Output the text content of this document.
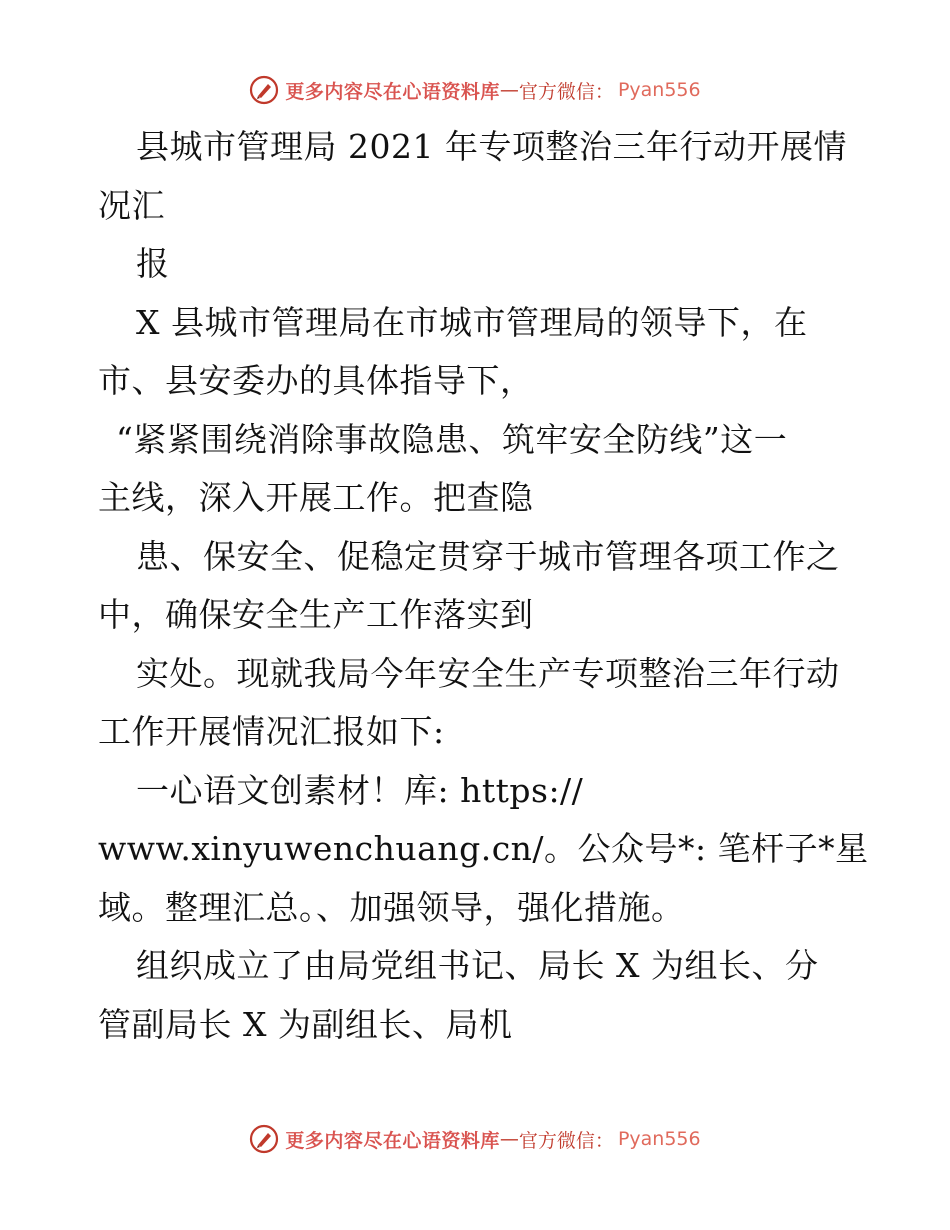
更多内容尽在心语资料库 — 官方微信： Pyan556
县城市管理局 2021 年专项整治三年行动开展情
况汇
报
X 县城市管理局在市城市管理局的领导下，在
市、县安委办的具体指导下，
“紧紧围绕消除事故隐患、筑牢安全防线”这一
主线，深入开展工作。把查隐
患、保安全、促稳定贯穿于城市管理各项工作之
中，确保安全生产工作落实到
实处。现就我局今年安全生产专项整治三年行动
工作开展情况汇报如下:
一心语文创素材！库: https://
www.xinyuwenchuang.cn/。公众号*: 笔杆子*星
域。整理汇总。、加强领导，强化措施。
组织成立了由局党组书记、局长 X 为组长、分
管副局长 X 为副组长、局机
更多内容尽在心语资料库 — 官方微信： Pyan556
